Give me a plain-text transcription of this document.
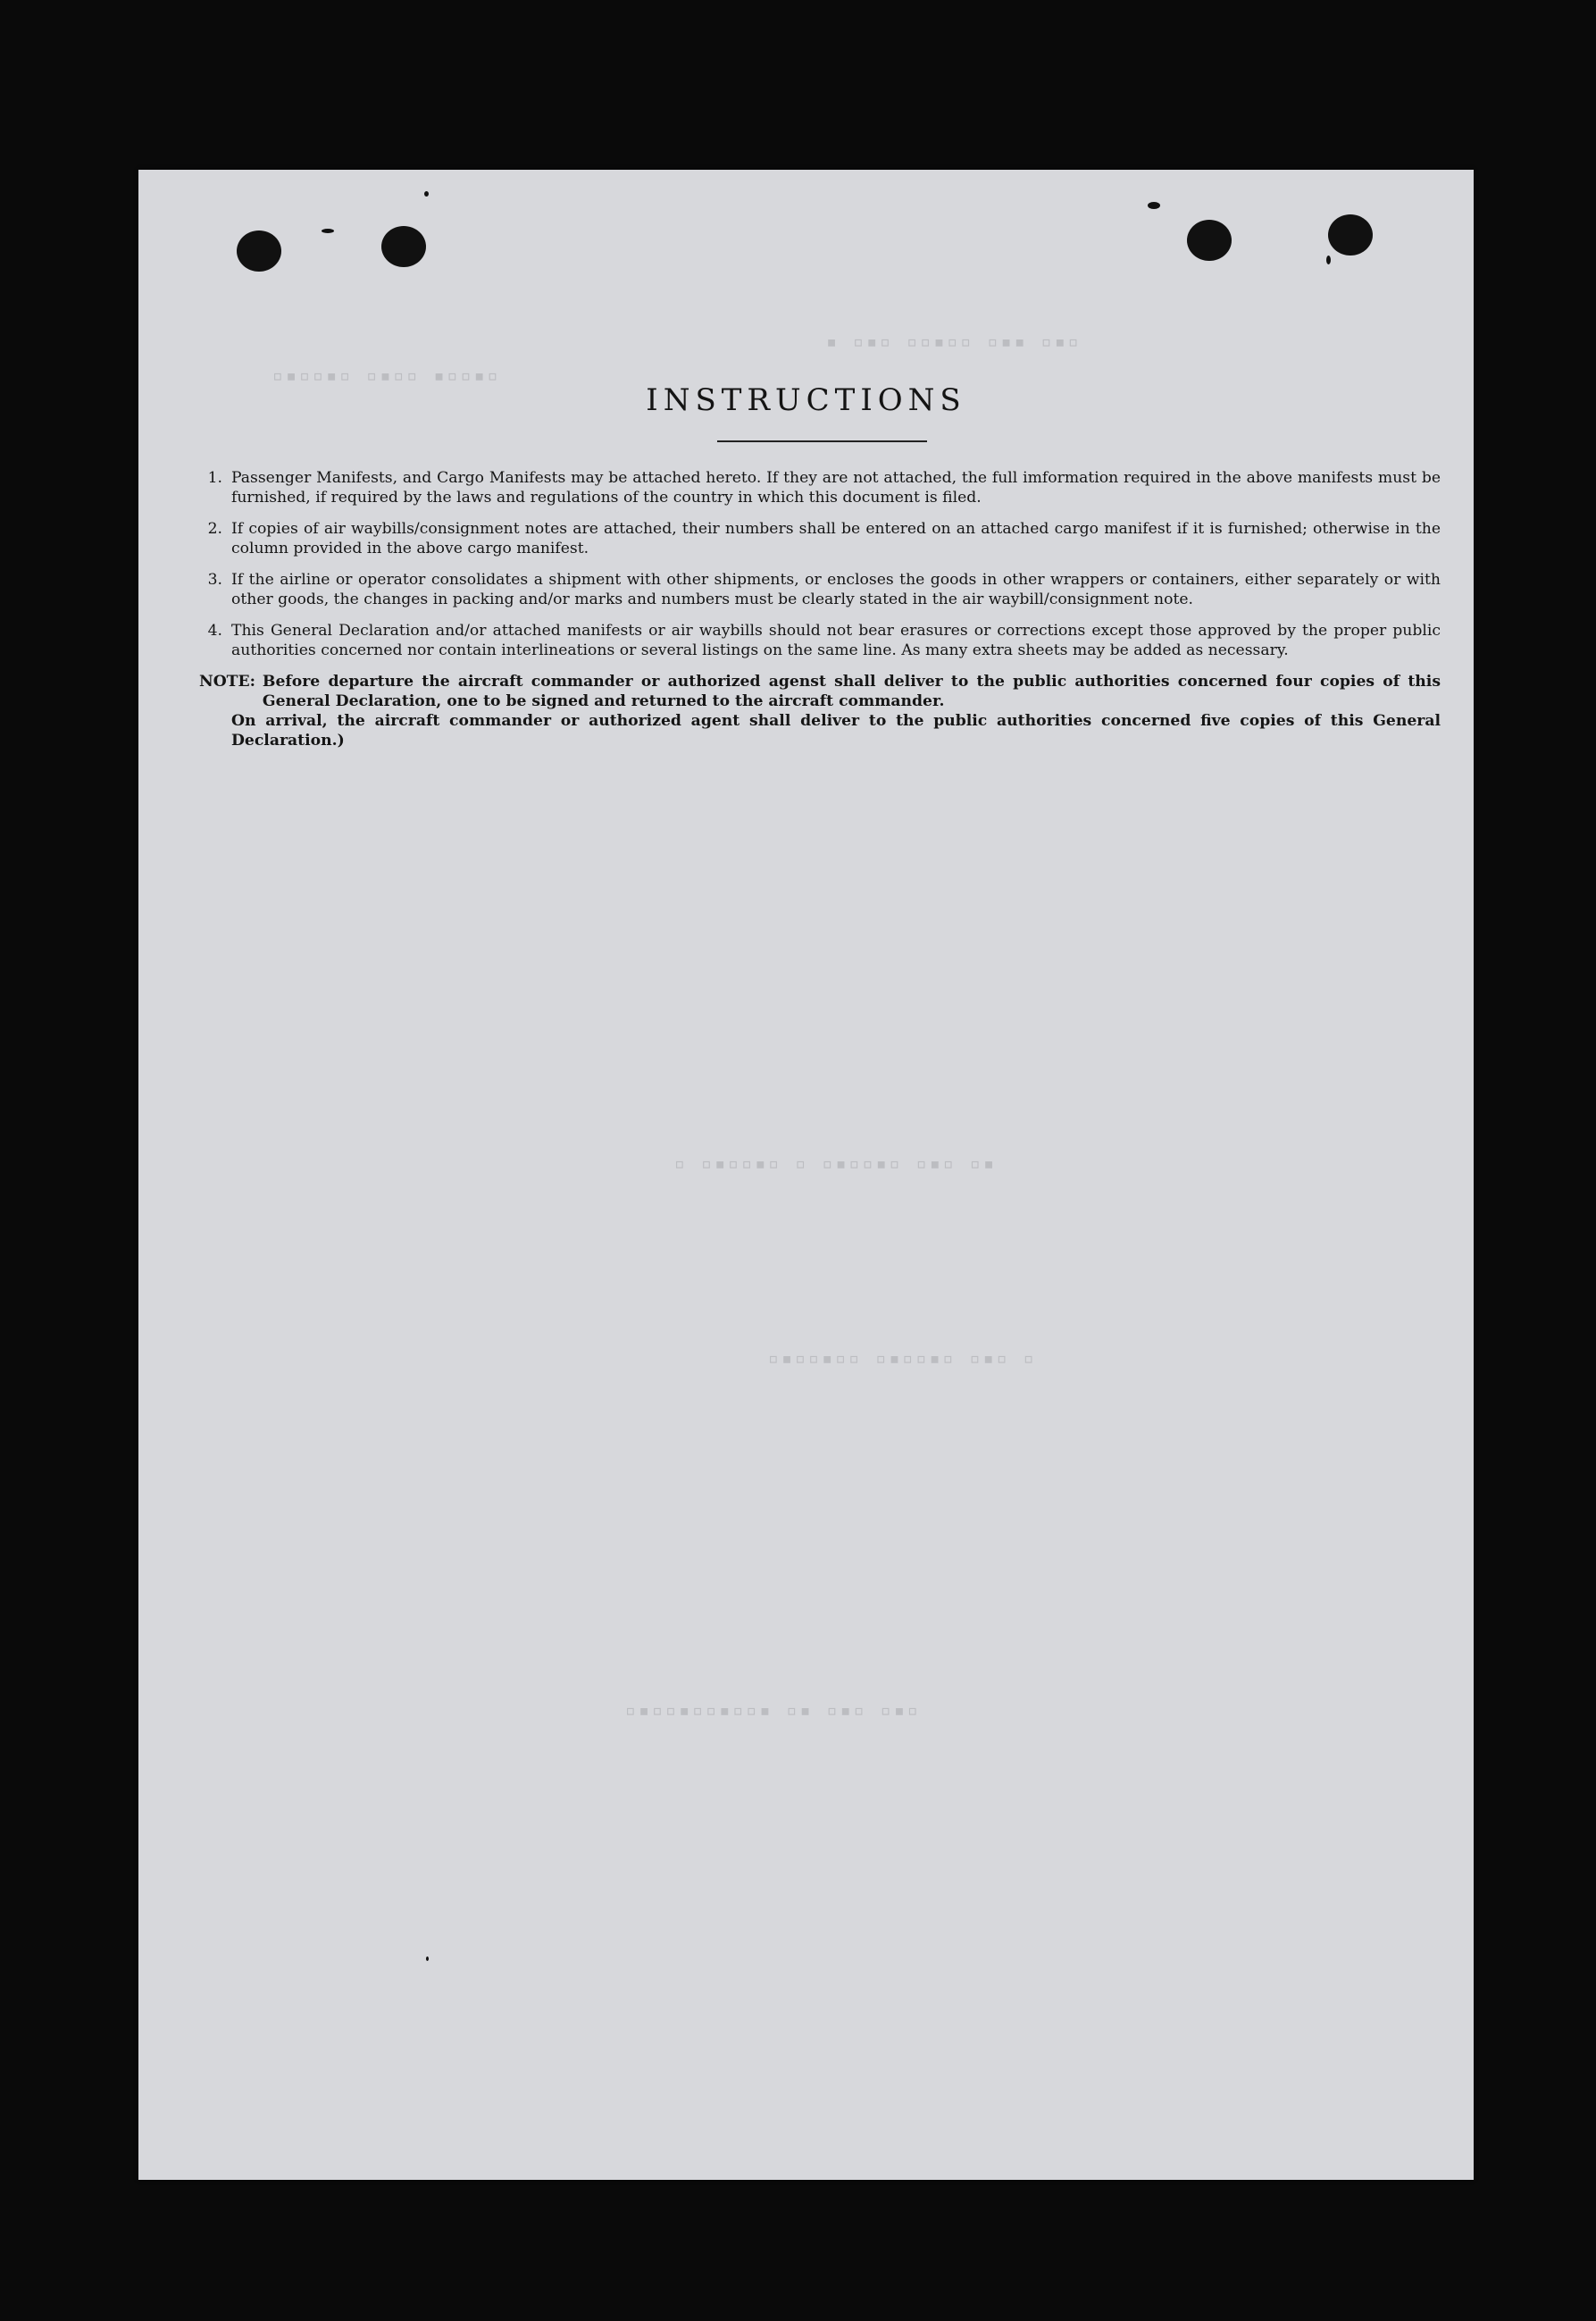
▪ ▫▪▫ ▫▫▪▫▫ ▫▪▪ ▫▪▫
▫▪▫▫▪▫ ▫▪▫▫ ▪▫▫▪▫
▫ ▫▪▫▫▪▫ ▫ ▫▪▫▫▪▫ ▫▪▫ ▫▪
▫▪▫▫▪▫▫ ▫▪▫▫▪▫ ▫▪▫ ▫
▫▪▫▫▪▫▫▪▫▫▪ ▫▪ ▫▪▫ ▫▪▫
INSTRUCTIONS
1. Passenger Manifests, and Cargo Manifests may be attached hereto. If they are not attached, the full imformation required in the above manifests must be furnished, if required by the laws and regulations of the country in which this document is filed.
2. If copies of air waybills/consignment notes are attached, their numbers shall be entered on an attached cargo manifest if it is furnished; otherwise in the column provided in the above cargo manifest.
3. If the airline or operator consolidates a shipment with other shipments, or encloses the goods in other wrappers or containers, either separately or with other goods, the changes in packing and/or marks and numbers must be clearly stated in the air waybill/consignment note.
4. This General Declaration and/or attached manifests or air waybills should not bear erasures or corrections except those approved by the proper public authorities concerned nor contain interlineations or several listings on the same line. As many extra sheets may be added as necessary.
NOTE: Before departure the aircraft commander or authorized agenst shall deliver to the public authorities concerned four copies of this General Declaration, one to be signed and returned to the aircraft commander.
On arrival, the aircraft commander or authorized agent shall deliver to the public authorities concerned five copies of this General Declaration.)
